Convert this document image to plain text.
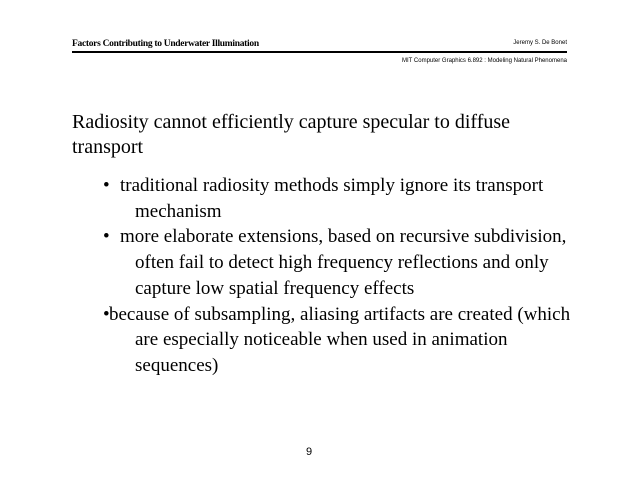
Factors Contributing to Underwater Illumination	Jeremy S. De Bonet
MIT Computer Graphics 6.892 : Modeling Natural Phenomena
Radiosity cannot efficiently capture specular to diffuse transport
• traditional radiosity methods simply ignore its transport mechanism
• more elaborate extensions, based on recursive subdivision, often fail to detect high frequency reflections and only capture low spatial frequency effects
•because of subsampling, aliasing artifacts are created (which are especially noticeable when used in animation sequences)
9
